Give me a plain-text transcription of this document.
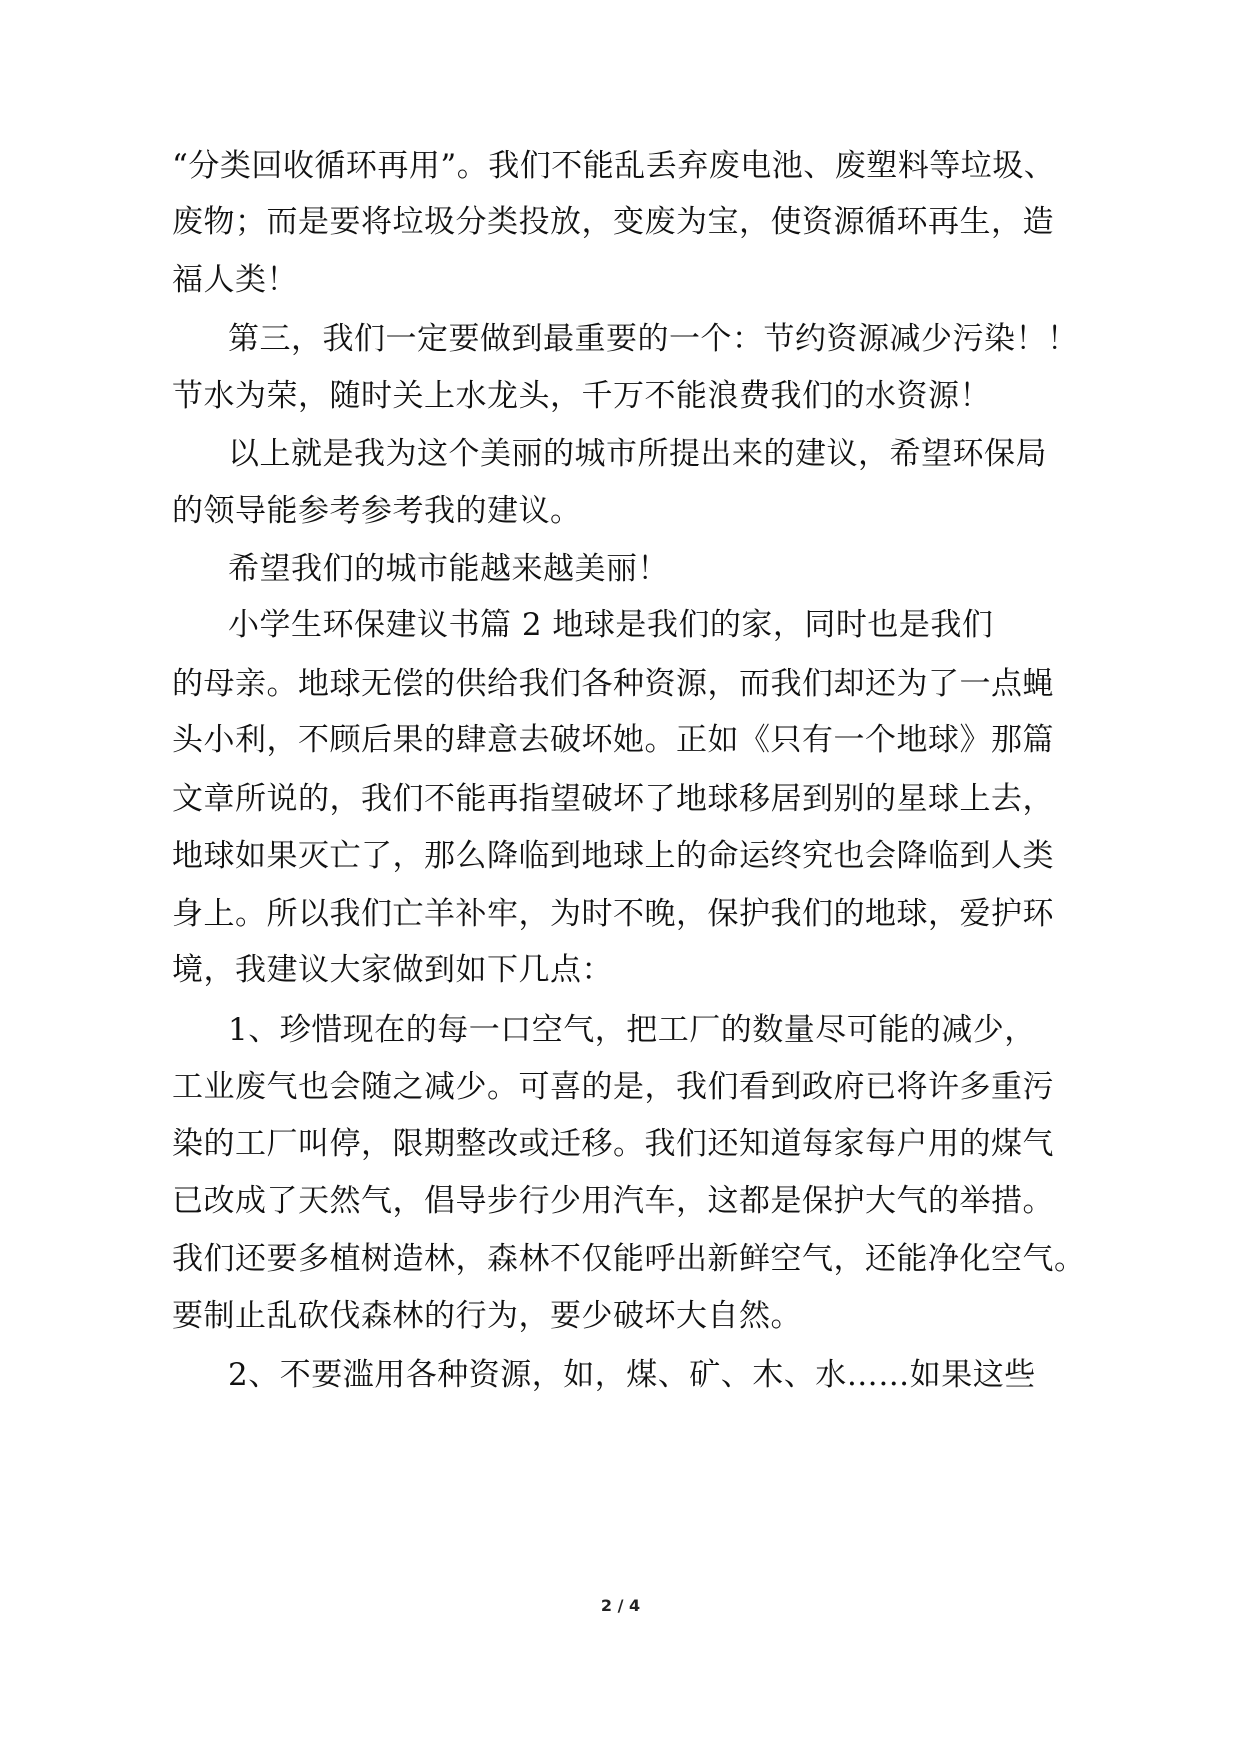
“分类回收循环再用”。我们不能乱丢弃废电池、废塑料等垃圾、
废物；而是要将垃圾分类投放，变废为宝，使资源循环再生，造
福人类！
第三，我们一定要做到最重要的一个：节约资源减少污染！！
节水为荣，随时关上水龙头，千万不能浪费我们的水资源！
以上就是我为这个美丽的城市所提出来的建议，希望环保局
的领导能参考参考我的建议。
希望我们的城市能越来越美丽！
小学生环保建议书篇 2 地球是我们的家，同时也是我们
的母亲。地球无偿的供给我们各种资源，而我们却还为了一点蝇
头小利，不顾后果的肆意去破坏她。正如《只有一个地球》那篇
文章所说的，我们不能再指望破坏了地球移居到别的星球上去，
地球如果灭亡了，那么降临到地球上的命运终究也会降临到人类
身上。所以我们亡羊补牢，为时不晚，保护我们的地球，爱护环
境，我建议大家做到如下几点：
1、珍惜现在的每一口空气，把工厂的数量尽可能的减少，
工业废气也会随之减少。可喜的是，我们看到政府已将许多重污
染的工厂叫停，限期整改或迁移。我们还知道每家每户用的煤气
已改成了天然气，倡导步行少用汽车，这都是保护大气的举措。
我们还要多植树造林，森林不仅能呼出新鲜空气，还能净化空气。
要制止乱砍伐森林的行为，要少破坏大自然。
2、不要滥用各种资源，如，煤、矿、木、水……如果这些
2 / 4
